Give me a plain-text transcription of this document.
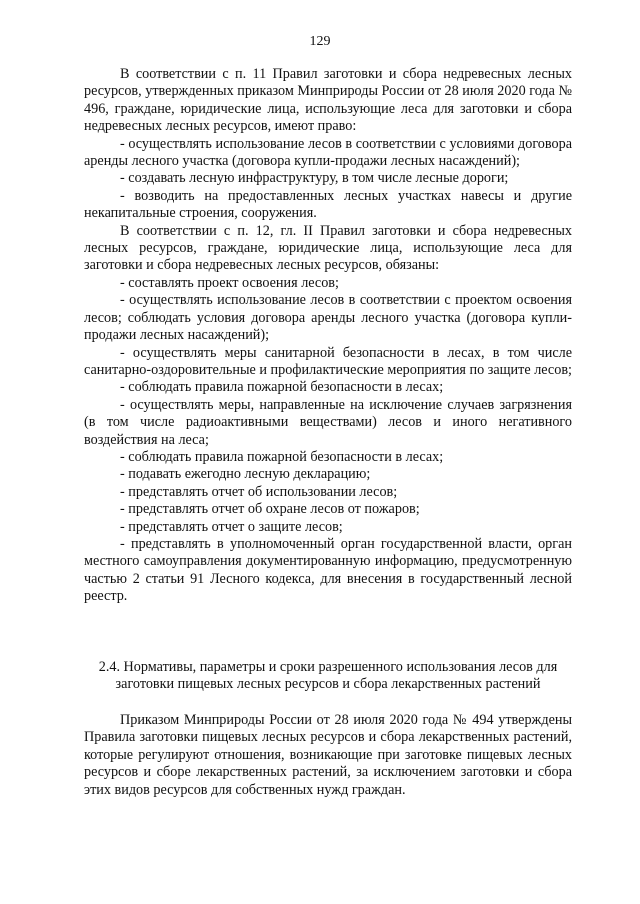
129

В соответствии с п. 11 Правил заготовки и сбора недревесных лесных ресурсов, утвержденных приказом Минприроды России от 28 июля 2020 года № 496, граждане, юридические лица, использующие леса для заготовки и сбора недревесных лесных ресурсов, имеют право:

- осуществлять использование лесов в соответствии с условиями договора аренды лесного участка (договора купли-продажи лесных насаждений);

- создавать лесную инфраструктуру, в том числе лесные дороги;

- возводить на предоставленных лесных участках навесы и другие некапитальные строения, сооружения.

В соответствии с п. 12, гл. II Правил заготовки и сбора недревесных лесных ресурсов, граждане, юридические лица, использующие леса для заготовки и сбора недревесных лесных ресурсов, обязаны:

- составлять проект освоения лесов;

- осуществлять использование лесов в соответствии с проектом освоения лесов; соблюдать условия договора аренды лесного участка (договора купли-продажи лесных насаждений);

- осуществлять меры санитарной безопасности в лесах, в том числе санитарно-оздоровительные и профилактические мероприятия по защите лесов;

- соблюдать правила пожарной безопасности в лесах;

- осуществлять меры, направленные на исключение случаев загрязнения (в том числе радиоактивными веществами) лесов и иного негативного воздействия на леса;

- соблюдать правила пожарной безопасности в лесах;

- подавать ежегодно лесную декларацию;

- представлять отчет об использовании лесов;

- представлять отчет об охране лесов от пожаров;

- представлять отчет о защите лесов;

- представлять в уполномоченный орган государственной власти, орган местного самоуправления документированную информацию, предусмотренную частью 2 статьи 91 Лесного кодекса, для внесения в государственный лесной реестр.

2.4. Нормативы, параметры и сроки разрешенного использования лесов для заготовки пищевых лесных ресурсов и сбора лекарственных растений

Приказом Минприроды России от 28 июля 2020 года № 494 утверждены Правила заготовки пищевых лесных ресурсов и сбора лекарственных растений, которые регулируют отношения, возникающие при заготовке пищевых лесных ресурсов и сборе лекарственных растений, за исключением заготовки и сбора этих видов ресурсов для собственных нужд граждан.
